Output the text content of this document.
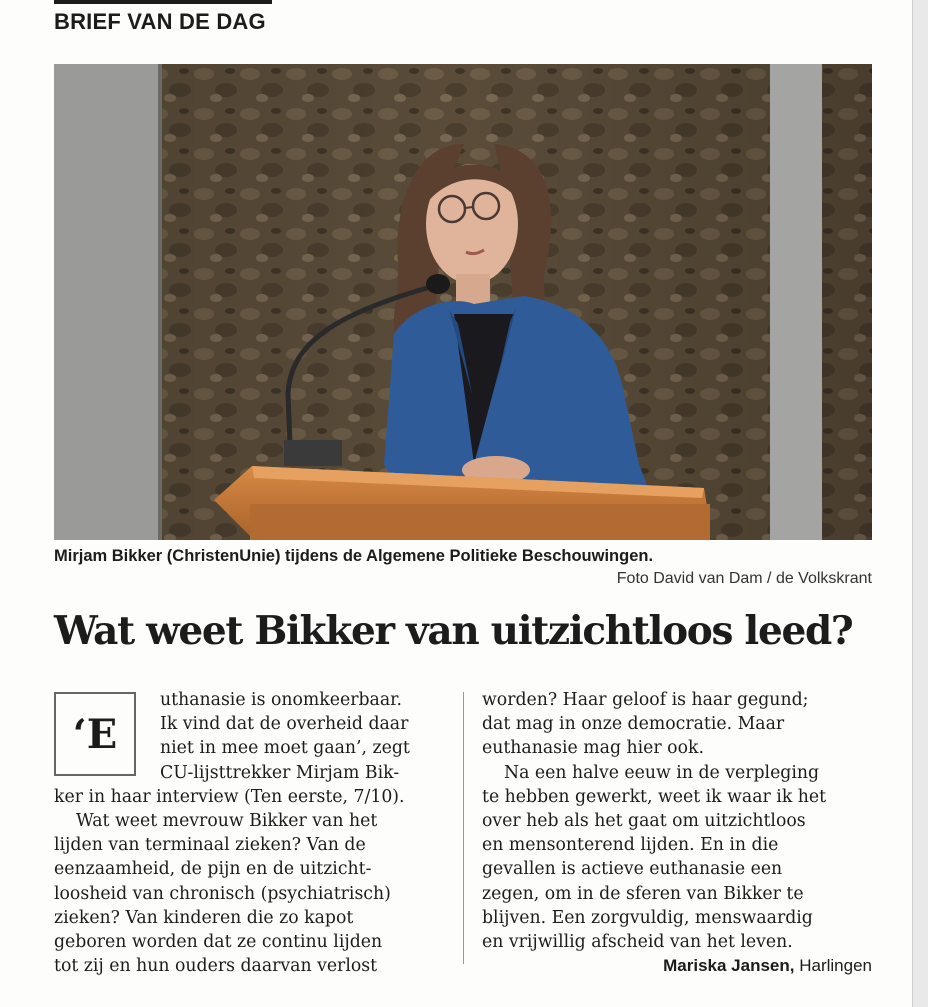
BRIEF VAN DE DAG
Mirjam Bikker (ChristenUnie) tijdens de Algemene Politieke Beschouwingen.
Foto David van Dam / de Volkskrant
Wat weet Bikker van uitzichtloos leed?
‘E

uthanasie is onomkeerbaar.

Ik vind dat de overheid daar

niet in mee moet gaan’, zegt

CU-lijsttrekker Mirjam Bik-

ker in haar interview (Ten eerste, 7/10).

Wat weet mevrouw Bikker van het

lijden van terminaal zieken? Van de

eenzaamheid, de pijn en de uitzicht-

loosheid van chronisch (psychiatrisch)

zieken? Van kinderen die zo kapot

geboren worden dat ze continu lijden

tot zij en hun ouders daarvan verlost

worden? Haar geloof is haar gegund;

dat mag in onze democratie. Maar

euthanasie mag hier ook.

Na een halve eeuw in de verpleging

te hebben gewerkt, weet ik waar ik het

over heb als het gaat om uitzichtloos

en mensonterend lijden. En in die

gevallen is actieve euthanasie een

zegen, om in de sferen van Bikker te

blijven. Een zorgvuldig, menswaardig

en vrijwillig afscheid van het leven.

Mariska Jansen, Harlingen
